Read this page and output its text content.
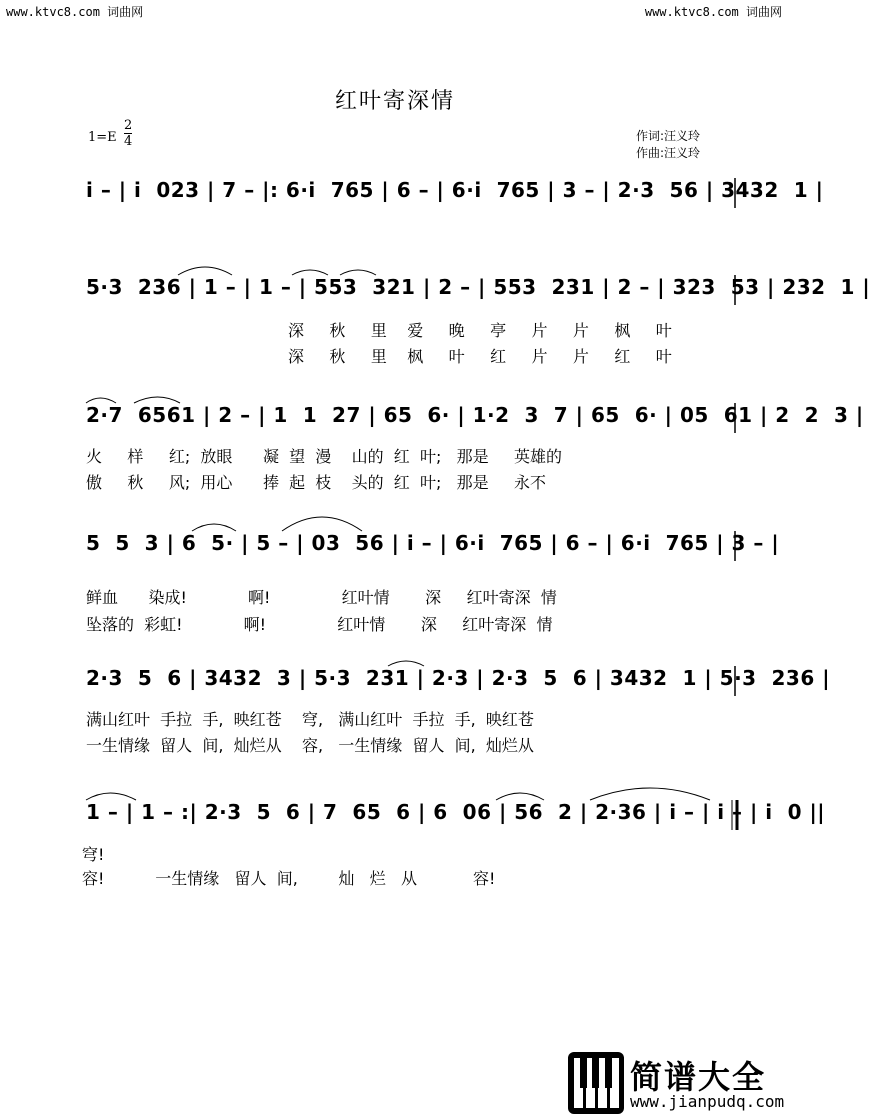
www.ktvc8.com 词曲网	www.ktvc8.com 词曲网
红叶寄深情
$1=E \frac{2}{4}$	作词:汪义玲
作曲:汪义玲
i – | i  023 | 7 – |: 6·i  765 | 6 – | 6·i  765 | 3 – | 2·3  56 | 3432  1 |
5·3  236 | 1 – | 1 – | 553  321 | 2 – | 553  231 | 2 – | 323  53 | 232  1 |
深     秋     里    爱     晚     亭     片     片     枫     叶
深     秋     里    枫     叶     红     片     片     红     叶
2·7  6561 | 2 – | 1  1  27 | 65  6· | 1·2  3  7 | 65  6· | 05  61 | 2  2  3 |
火     样     红;  放眼      凝  望  漫    山的  红  叶;   那是     英雄的
傲     秋     风;  用心      捧  起  枝    头的  红  叶;   那是     永不
5  5  3 | 6  5· | 5 – | 03  56 | i – | 6·i  765 | 6 – | 6·i  765 | 3 – |
鲜血      染成!            啊!              红叶情       深     红叶寄深  情
坠落的  彩虹!            啊!              红叶情       深     红叶寄深  情
2·3  5  6 | 3432  3 | 5·3  231 | 2·3 | 2·3  5  6 | 3432  1 | 5·3  236 |
满山红叶  手拉  手,  映红苍    穹,   满山红叶  手拉  手,  映红苍
一生情缘  留人  间,  灿烂从    容,   一生情缘  留人  间,  灿烂从
1 – | 1 – :| 2·3  5  6 | 7  65  6 | 6  06 | 56  2 | 2·36 | i – | i – | i  0 ||
穹!
容!          一生情缘   留人  间,        灿   烂   从           容!
简谱大全
www.jianpudq.com
